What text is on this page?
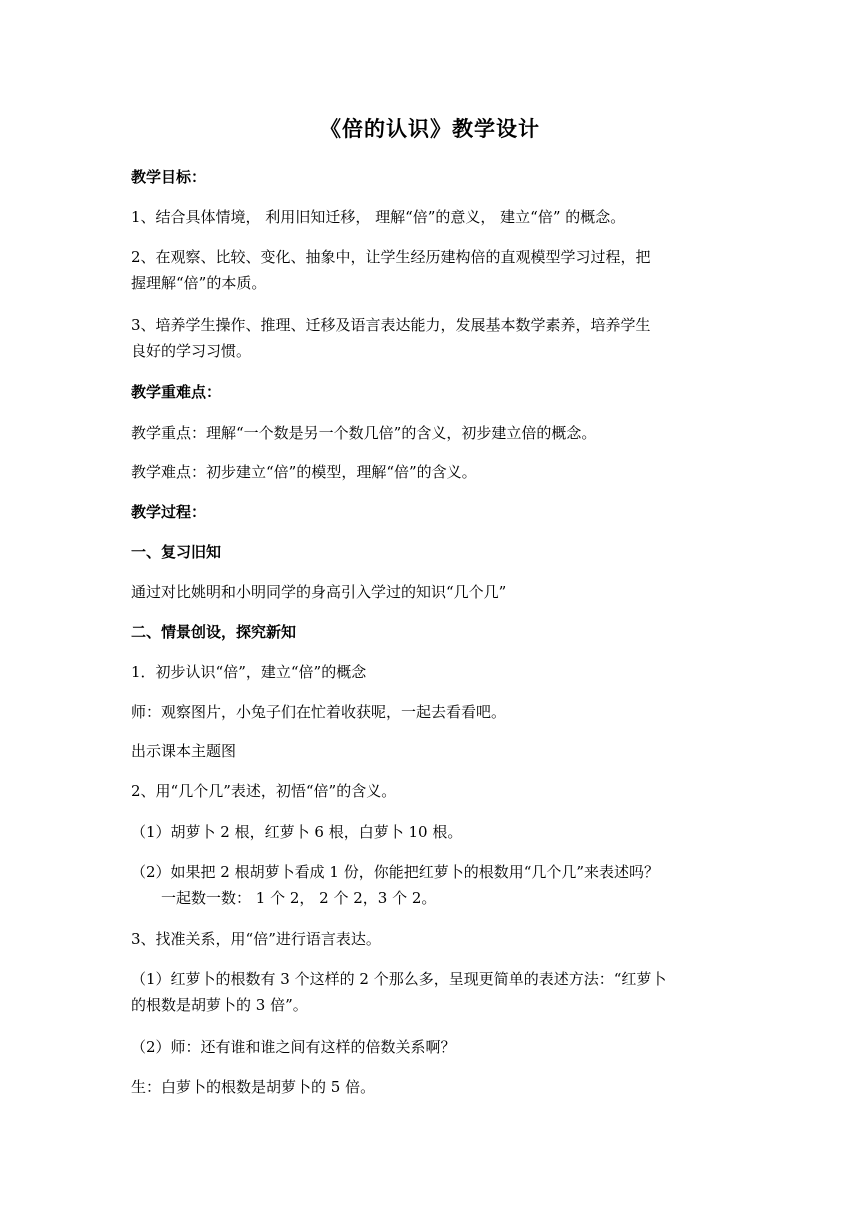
《倍的认识》教学设计
教学目标：
1、结合具体情境， 利用旧知迁移， 理解“倍”的意义， 建立“倍” 的概念。
2、在观察、比较、变化、抽象中，让学生经历建构倍的直观模型学习过程，把
握理解“倍”的本质。
3、培养学生操作、推理、迁移及语言表达能力，发展基本数学素养，培养学生
良好的学习习惯。
教学重难点：
教学重点：理解“一个数是另一个数几倍”的含义，初步建立倍的概念。
教学难点：初步建立“倍”的模型，理解“倍”的含义。
教学过程：
一、复习旧知
通过对比姚明和小明同学的身高引入学过的知识“几个几”
二、情景创设，探究新知
1．初步认识“倍”，建立“倍”的概念
师：观察图片，小兔子们在忙着收获呢，一起去看看吧。
出示课本主题图
2、用“几个几”表述，初悟“倍”的含义。
（1）胡萝卜 2 根，红萝卜 6 根，白萝卜 10 根。
（2）如果把 2 根胡萝卜看成 1 份，你能把红萝卜的根数用“几个几”来表述吗？
一起数一数： 1 个 2， 2 个 2，3 个 2。
3、找准关系，用“倍”进行语言表达。
（1）红萝卜的根数有 3 个这样的 2 个那么多，呈现更简单的表述方法：“红萝卜
的根数是胡萝卜的 3 倍”。
（2）师：还有谁和谁之间有这样的倍数关系啊？
生：白萝卜的根数是胡萝卜的 5 倍。
